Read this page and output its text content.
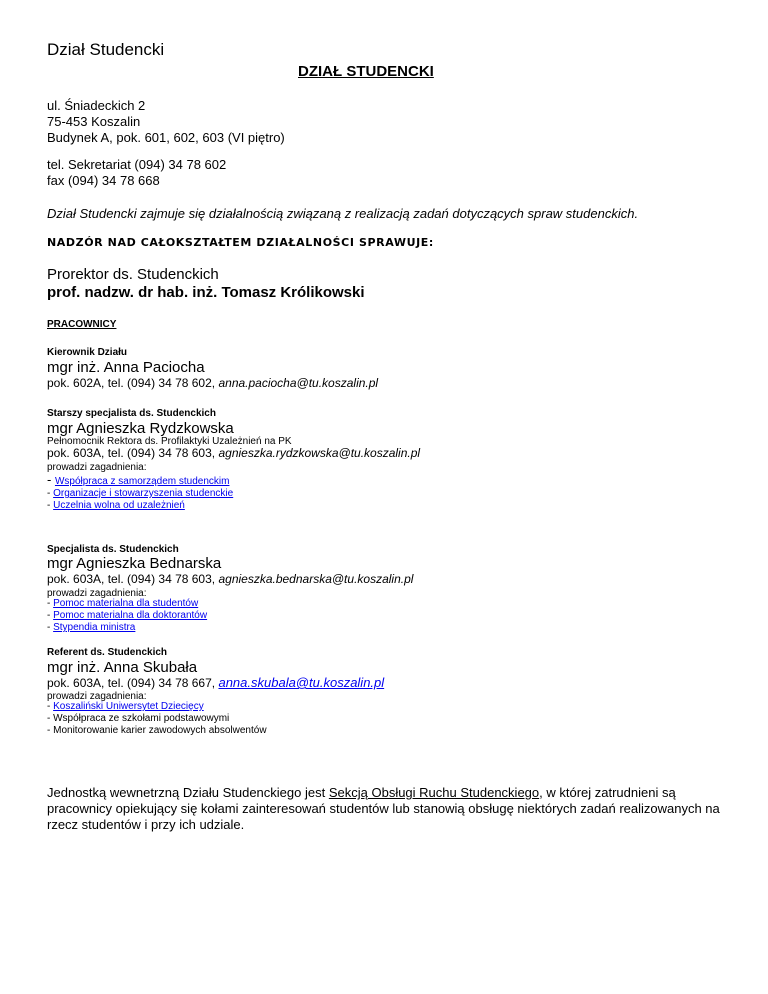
Dział Studencki
DZIAŁ STUDENCKI
ul. Śniadeckich 2
75-453 Koszalin
Budynek A, pok. 601, 602, 603 (VI piętro)
tel. Sekretariat (094) 34 78 602
fax (094) 34 78 668
Dział Studencki zajmuje się działalnością związaną z realizacją zadań dotyczących spraw studenckich.
NADZÓR NAD CAŁOKSZTAŁTEM DZIAŁALNOŚCI SPRAWUJE:
Prorektor ds. Studenckich
prof. nadzw. dr hab. inż. Tomasz Królikowski
PRACOWNICY
Kierownik Działu
mgr inż. Anna Paciocha
pok. 602A, tel. (094) 34 78 602, anna.paciocha@tu.koszalin.pl
Starszy specjalista ds. Studenckich
mgr Agnieszka Rydzkowska
Pełnomocnik Rektora ds. Profilaktyki Uzależnień na PK
pok. 603A, tel. (094) 34 78 603, agnieszka.rydzkowska@tu.koszalin.pl
prowadzi zagadnienia:
- Współpraca z samorządem studenckim
- Organizacje i stowarzyszenia studenckie
- Uczelnia wolna od uzależnień
Specjalista ds. Studenckich
mgr Agnieszka Bednarska
pok. 603A, tel. (094) 34 78 603, agnieszka.bednarska@tu.koszalin.pl
prowadzi zagadnienia:
- Pomoc materialna dla studentów
- Pomoc materialna dla doktorantów
- Stypendia ministra
Referent ds. Studenckich
mgr inż. Anna Skubała
pok. 603A, tel. (094) 34 78 667, anna.skubala@tu.koszalin.pl
prowadzi zagadnienia:
- Koszaliński Uniwersytet Dziecięcy
- Współpraca ze szkołami podstawowymi
- Monitorowanie karier zawodowych absolwentów
Jednostką wewnetrzną Działu Studenckiego jest Sekcją Obsługi Ruchu Studenckiego, w której zatrudnieni są
pracownicy opiekujący się kołami zainteresowań studentów lub stanowią obsługę niektórych zadań realizowanych na
rzecz studentów i przy ich udziale.
